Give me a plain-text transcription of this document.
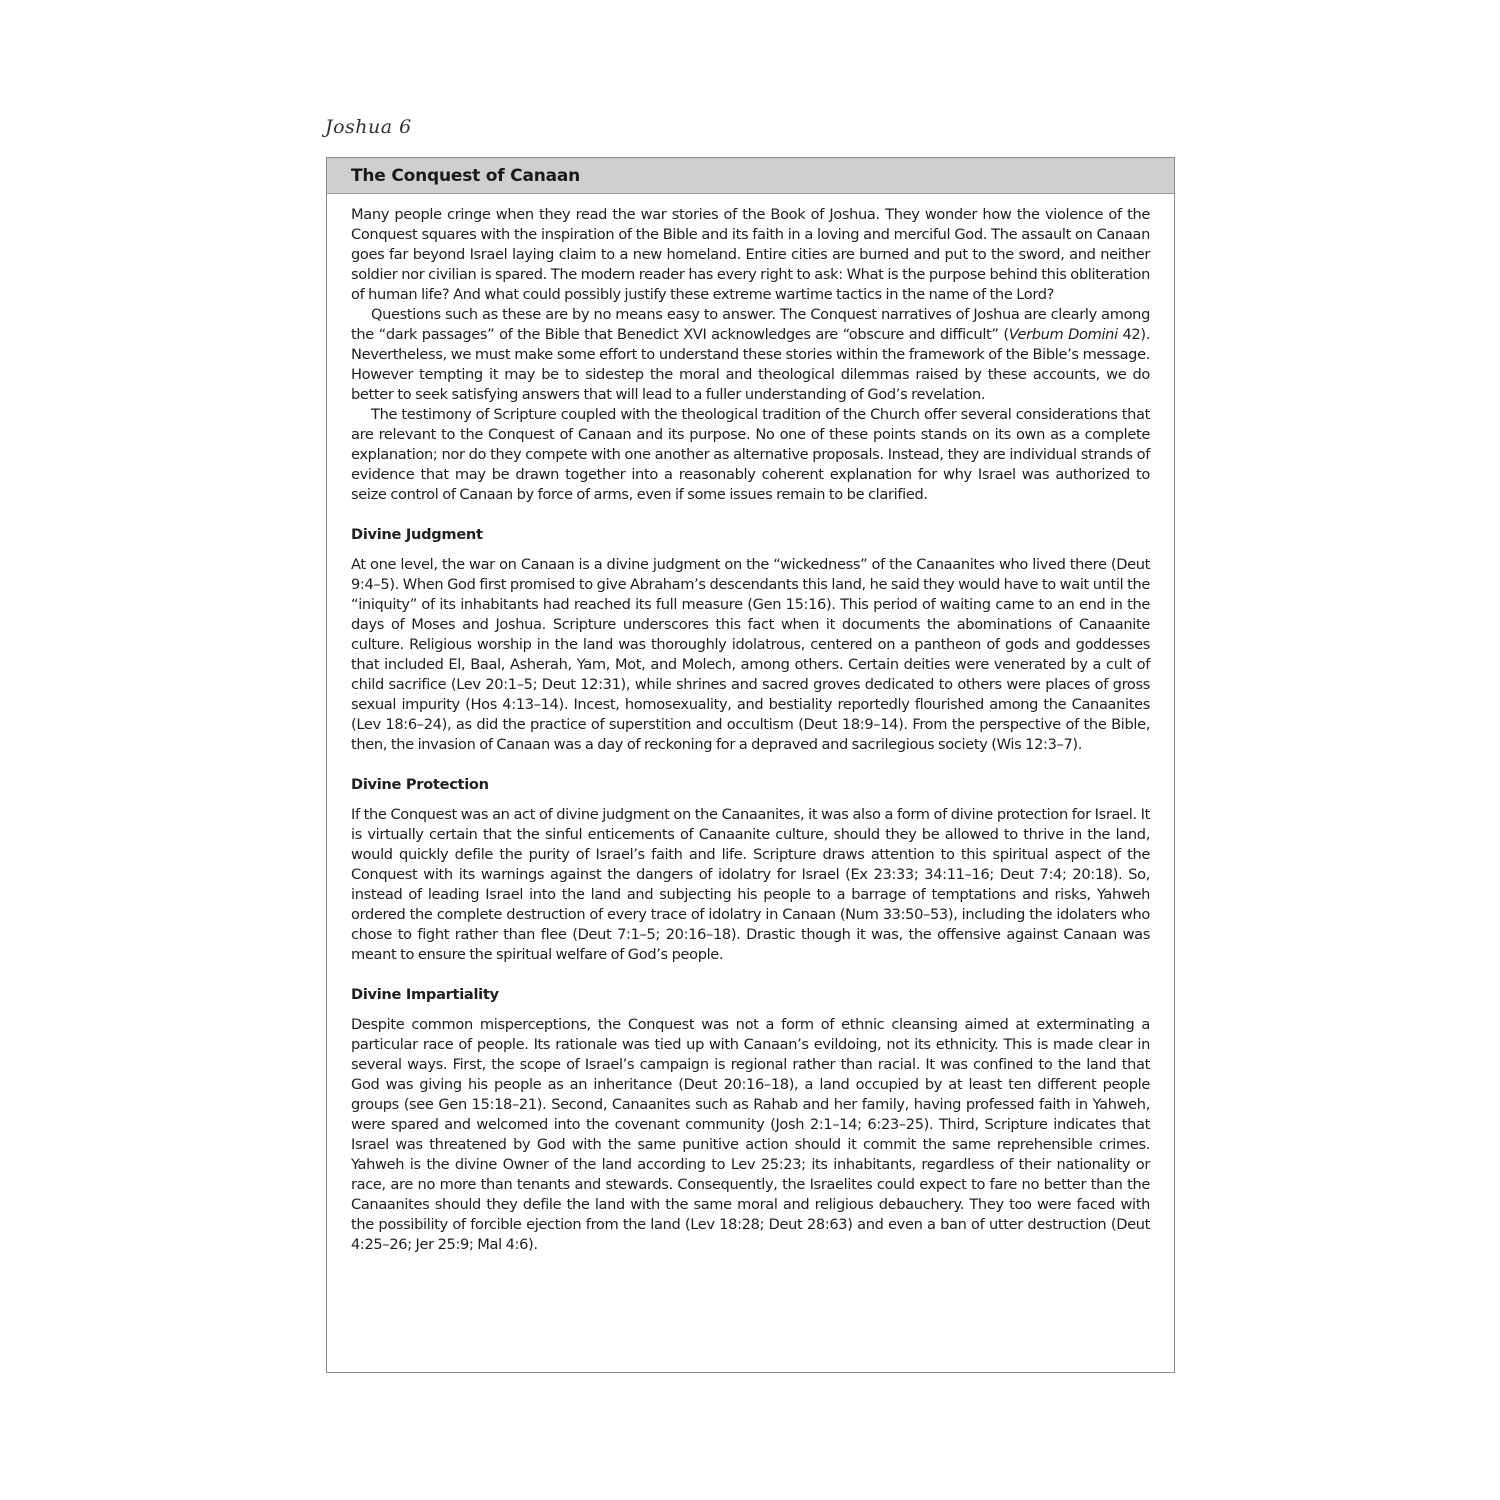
Joshua 6
The Conquest of Canaan

Many people cringe when they read the war stories of the Book of Joshua. They wonder how the violence of the Conquest squares with the inspiration of the Bible and its faith in a loving and merciful God. The assault on Canaan goes far beyond Israel laying claim to a new homeland. Entire cities are burned and put to the sword, and neither soldier nor civilian is spared. The modern reader has every right to ask: What is the purpose behind this obliteration of human life? And what could possibly justify these extreme wartime tactics in the name of the Lord?

Questions such as these are by no means easy to answer. The Conquest narratives of Joshua are clearly among the “dark passages” of the Bible that Benedict XVI acknowledges are “obscure and difficult” (Verbum Domini 42). Nevertheless, we must make some effort to understand these stories within the framework of the Bible’s message. However tempting it may be to sidestep the moral and theological dilemmas raised by these accounts, we do better to seek satisfying answers that will lead to a fuller understanding of God’s revelation.

The testimony of Scripture coupled with the theological tradition of the Church offer several considerations that are relevant to the Conquest of Canaan and its purpose. No one of these points stands on its own as a complete explanation; nor do they compete with one another as alternative proposals. Instead, they are individual strands of evidence that may be drawn together into a reasonably coherent explanation for why Israel was authorized to seize control of Canaan by force of arms, even if some issues remain to be clarified.

Divine Judgment

At one level, the war on Canaan is a divine judgment on the “wickedness” of the Canaanites who lived there (Deut 9:4–5). When God first promised to give Abraham’s descendants this land, he said they would have to wait until the “iniquity” of its inhabitants had reached its full measure (Gen 15:16). This period of waiting came to an end in the days of Moses and Joshua. Scripture underscores this fact when it documents the abominations of Canaanite culture. Religious worship in the land was thoroughly idolatrous, centered on a pantheon of gods and goddesses that included El, Baal, Asherah, Yam, Mot, and Molech, among others. Certain deities were venerated by a cult of child sacrifice (Lev 20:1–5; Deut 12:31), while shrines and sacred groves dedicated to others were places of gross sexual impurity (Hos 4:13–14). Incest, homosexuality, and bestiality reportedly flourished among the Canaanites (Lev 18:6–24), as did the practice of superstition and occultism (Deut 18:9–14). From the perspective of the Bible, then, the invasion of Canaan was a day of reckoning for a depraved and sacrilegious society (Wis 12:3–7).

Divine Protection

If the Conquest was an act of divine judgment on the Canaanites, it was also a form of divine protection for Israel. It is virtually certain that the sinful enticements of Canaanite culture, should they be allowed to thrive in the land, would quickly defile the purity of Israel’s faith and life. Scripture draws attention to this spiritual aspect of the Conquest with its warnings against the dangers of idolatry for Israel (Ex 23:33; 34:11–16; Deut 7:4; 20:18). So, instead of leading Israel into the land and subjecting his people to a barrage of temptations and risks, Yahweh ordered the complete destruction of every trace of idolatry in Canaan (Num 33:50–53), including the idolaters who chose to fight rather than flee (Deut 7:1–5; 20:16–18). Drastic though it was, the offensive against Canaan was meant to ensure the spiritual welfare of God’s people.

Divine Impartiality

Despite common misperceptions, the Conquest was not a form of ethnic cleansing aimed at exterminating a particular race of people. Its rationale was tied up with Canaan’s evildoing, not its ethnicity. This is made clear in several ways. First, the scope of Israel’s campaign is regional rather than racial. It was confined to the land that God was giving his people as an inheritance (Deut 20:16–18), a land occupied by at least ten different people groups (see Gen 15:18–21). Second, Canaanites such as Rahab and her family, having professed faith in Yahweh, were spared and welcomed into the covenant community (Josh 2:1–14; 6:23–25). Third, Scripture indicates that Israel was threatened by God with the same punitive action should it commit the same reprehensible crimes. Yahweh is the divine Owner of the land according to Lev 25:23; its inhabitants, regardless of their nationality or race, are no more than tenants and stewards. Consequently, the Israelites could expect to fare no better than the Canaanites should they defile the land with the same moral and religious debauchery. They too were faced with the possibility of forcible ejection from the land (Lev 18:28; Deut 28:63) and even a ban of utter destruction (Deut 4:25–26; Jer 25:9; Mal 4:6).
